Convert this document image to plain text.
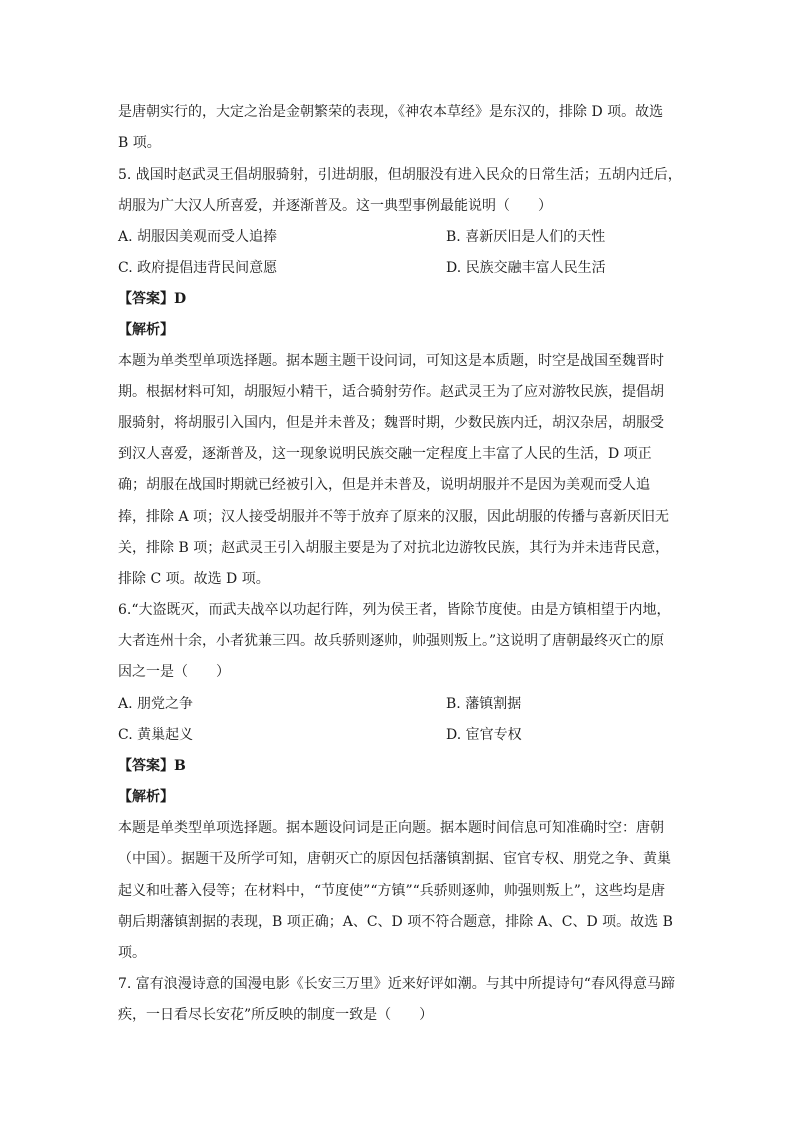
是唐朝实行的，大定之治是金朝繁荣的表现，《神农本草经》是东汉的，排除 D 项。故选
B 项。
5. 战国时赵武灵王倡胡服骑射，引进胡服，但胡服没有进入民众的日常生活；五胡内迁后，
胡服为广大汉人所喜爱，并逐渐普及。这一典型事例最能说明（　　）
A. 胡服因美观而受人追捧	B. 喜新厌旧是人们的天性
C. 政府提倡违背民间意愿	D. 民族交融丰富人民生活
【答案】D
【解析】
本题为单类型单项选择题。据本题主题干设问词，可知这是本质题，时空是战国至魏晋时
期。根据材料可知，胡服短小精干，适合骑射劳作。赵武灵王为了应对游牧民族，提倡胡
服骑射，将胡服引入国内，但是并未普及；魏晋时期，少数民族内迁，胡汉杂居，胡服受
到汉人喜爱，逐渐普及，这一现象说明民族交融一定程度上丰富了人民的生活，D 项正
确；胡服在战国时期就已经被引入，但是并未普及，说明胡服并不是因为美观而受人追
捧，排除 A 项；汉人接受胡服并不等于放弃了原来的汉服，因此胡服的传播与喜新厌旧无
关，排除 B 项；赵武灵王引入胡服主要是为了对抗北边游牧民族，其行为并未违背民意，
排除 C 项。故选 D 项。
6.“大盗既灭，而武夫战卒以功起行阵，列为侯王者，皆除节度使。由是方镇相望于内地，
大者连州十余，小者犹兼三四。故兵骄则逐帅，帅强则叛上。”这说明了唐朝最终灭亡的原
因之一是（　　）
A. 朋党之争	B. 藩镇割据
C. 黄巢起义	D. 宦官专权
【答案】B
【解析】
本题是单类型单项选择题。据本题设问词是正向题。据本题时间信息可知准确时空：唐朝
（中国）。据题干及所学可知，唐朝灭亡的原因包括藩镇割据、宦官专权、朋党之争、黄巢
起义和吐蕃入侵等；在材料中，“节度使”“方镇”“兵骄则逐帅，帅强则叛上”，这些均是唐
朝后期藩镇割据的表现，B 项正确；A、C、D 项不符合题意，排除 A、C、D 项。故选 B
项。
7. 富有浪漫诗意的国漫电影《长安三万里》近来好评如潮。与其中所提诗句“春风得意马蹄
疾，一日看尽长安花”所反映的制度一致是（　　）
